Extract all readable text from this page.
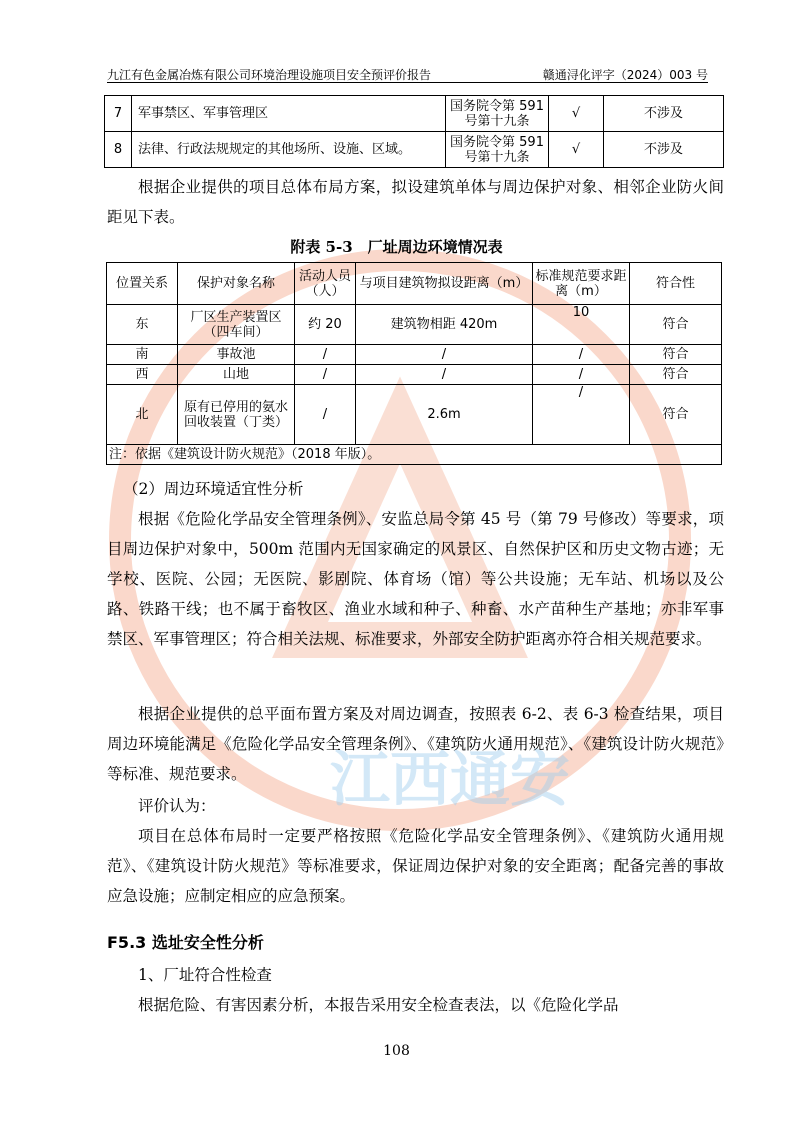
江西通安
九江有色金属冶炼有限公司环境治理设施项目安全预评价报告	赣通浔化评字（2024）003 号
7	军事禁区、军事管理区	国务院令第 591 号第十九条	√	不涉及
8	法律、行政法规规定的其他场所、设施、区域。	国务院令第 591 号第十九条	√	不涉及

根据企业提供的项目总体布局方案，拟设建筑单体与周边保护对象、相邻企业防火间距见下表。

附表 5-3　厂址周边环境情况表
位置关系	保护对象名称	活动人员（人）	与项目建筑物拟设距离（m）	标准规范要求距离（m）	符合性
东	厂区生产装置区（四车间）	约 20	建筑物相距 420m	10	符合
南	事故池	/	/	/	符合
西	山地	/	/	/	符合
北	原有已停用的氨水回收装置（丁类）	/	2.6m	/	符合
注：依据《建筑设计防火规范》（2018 年版）。					

（2）周边环境适宜性分析

根据《危险化学品安全管理条例》、安监总局令第 45 号（第 79 号修改）等要求，项目周边保护对象中，500m 范围内无国家确定的风景区、自然保护区和历史文物古迹；无学校、医院、公园；无医院、影剧院、体育场（馆）等公共设施；无车站、机场以及公路、铁路干线；也不属于畜牧区、渔业水域和种子、种畜、水产苗种生产基地；亦非军事禁区、军事管理区；符合相关法规、标准要求，外部安全防护距离亦符合相关规范要求。

根据企业提供的总平面布置方案及对周边调查，按照表 6-2、表 6-3 检查结果，项目周边环境能满足《危险化学品安全管理条例》、《建筑防火通用规范》、《建筑设计防火规范》等标准、规范要求。

评价认为：

项目在总体布局时一定要严格按照《危险化学品安全管理条例》、《建筑防火通用规范》、《建筑设计防火规范》等标准要求，保证周边保护对象的安全距离；配备完善的事故应急设施；应制定相应的应急预案。

F5.3 选址安全性分析

1、厂址符合性检查

根据危险、有害因素分析，本报告采用安全检查表法，以《危险化学品

108
